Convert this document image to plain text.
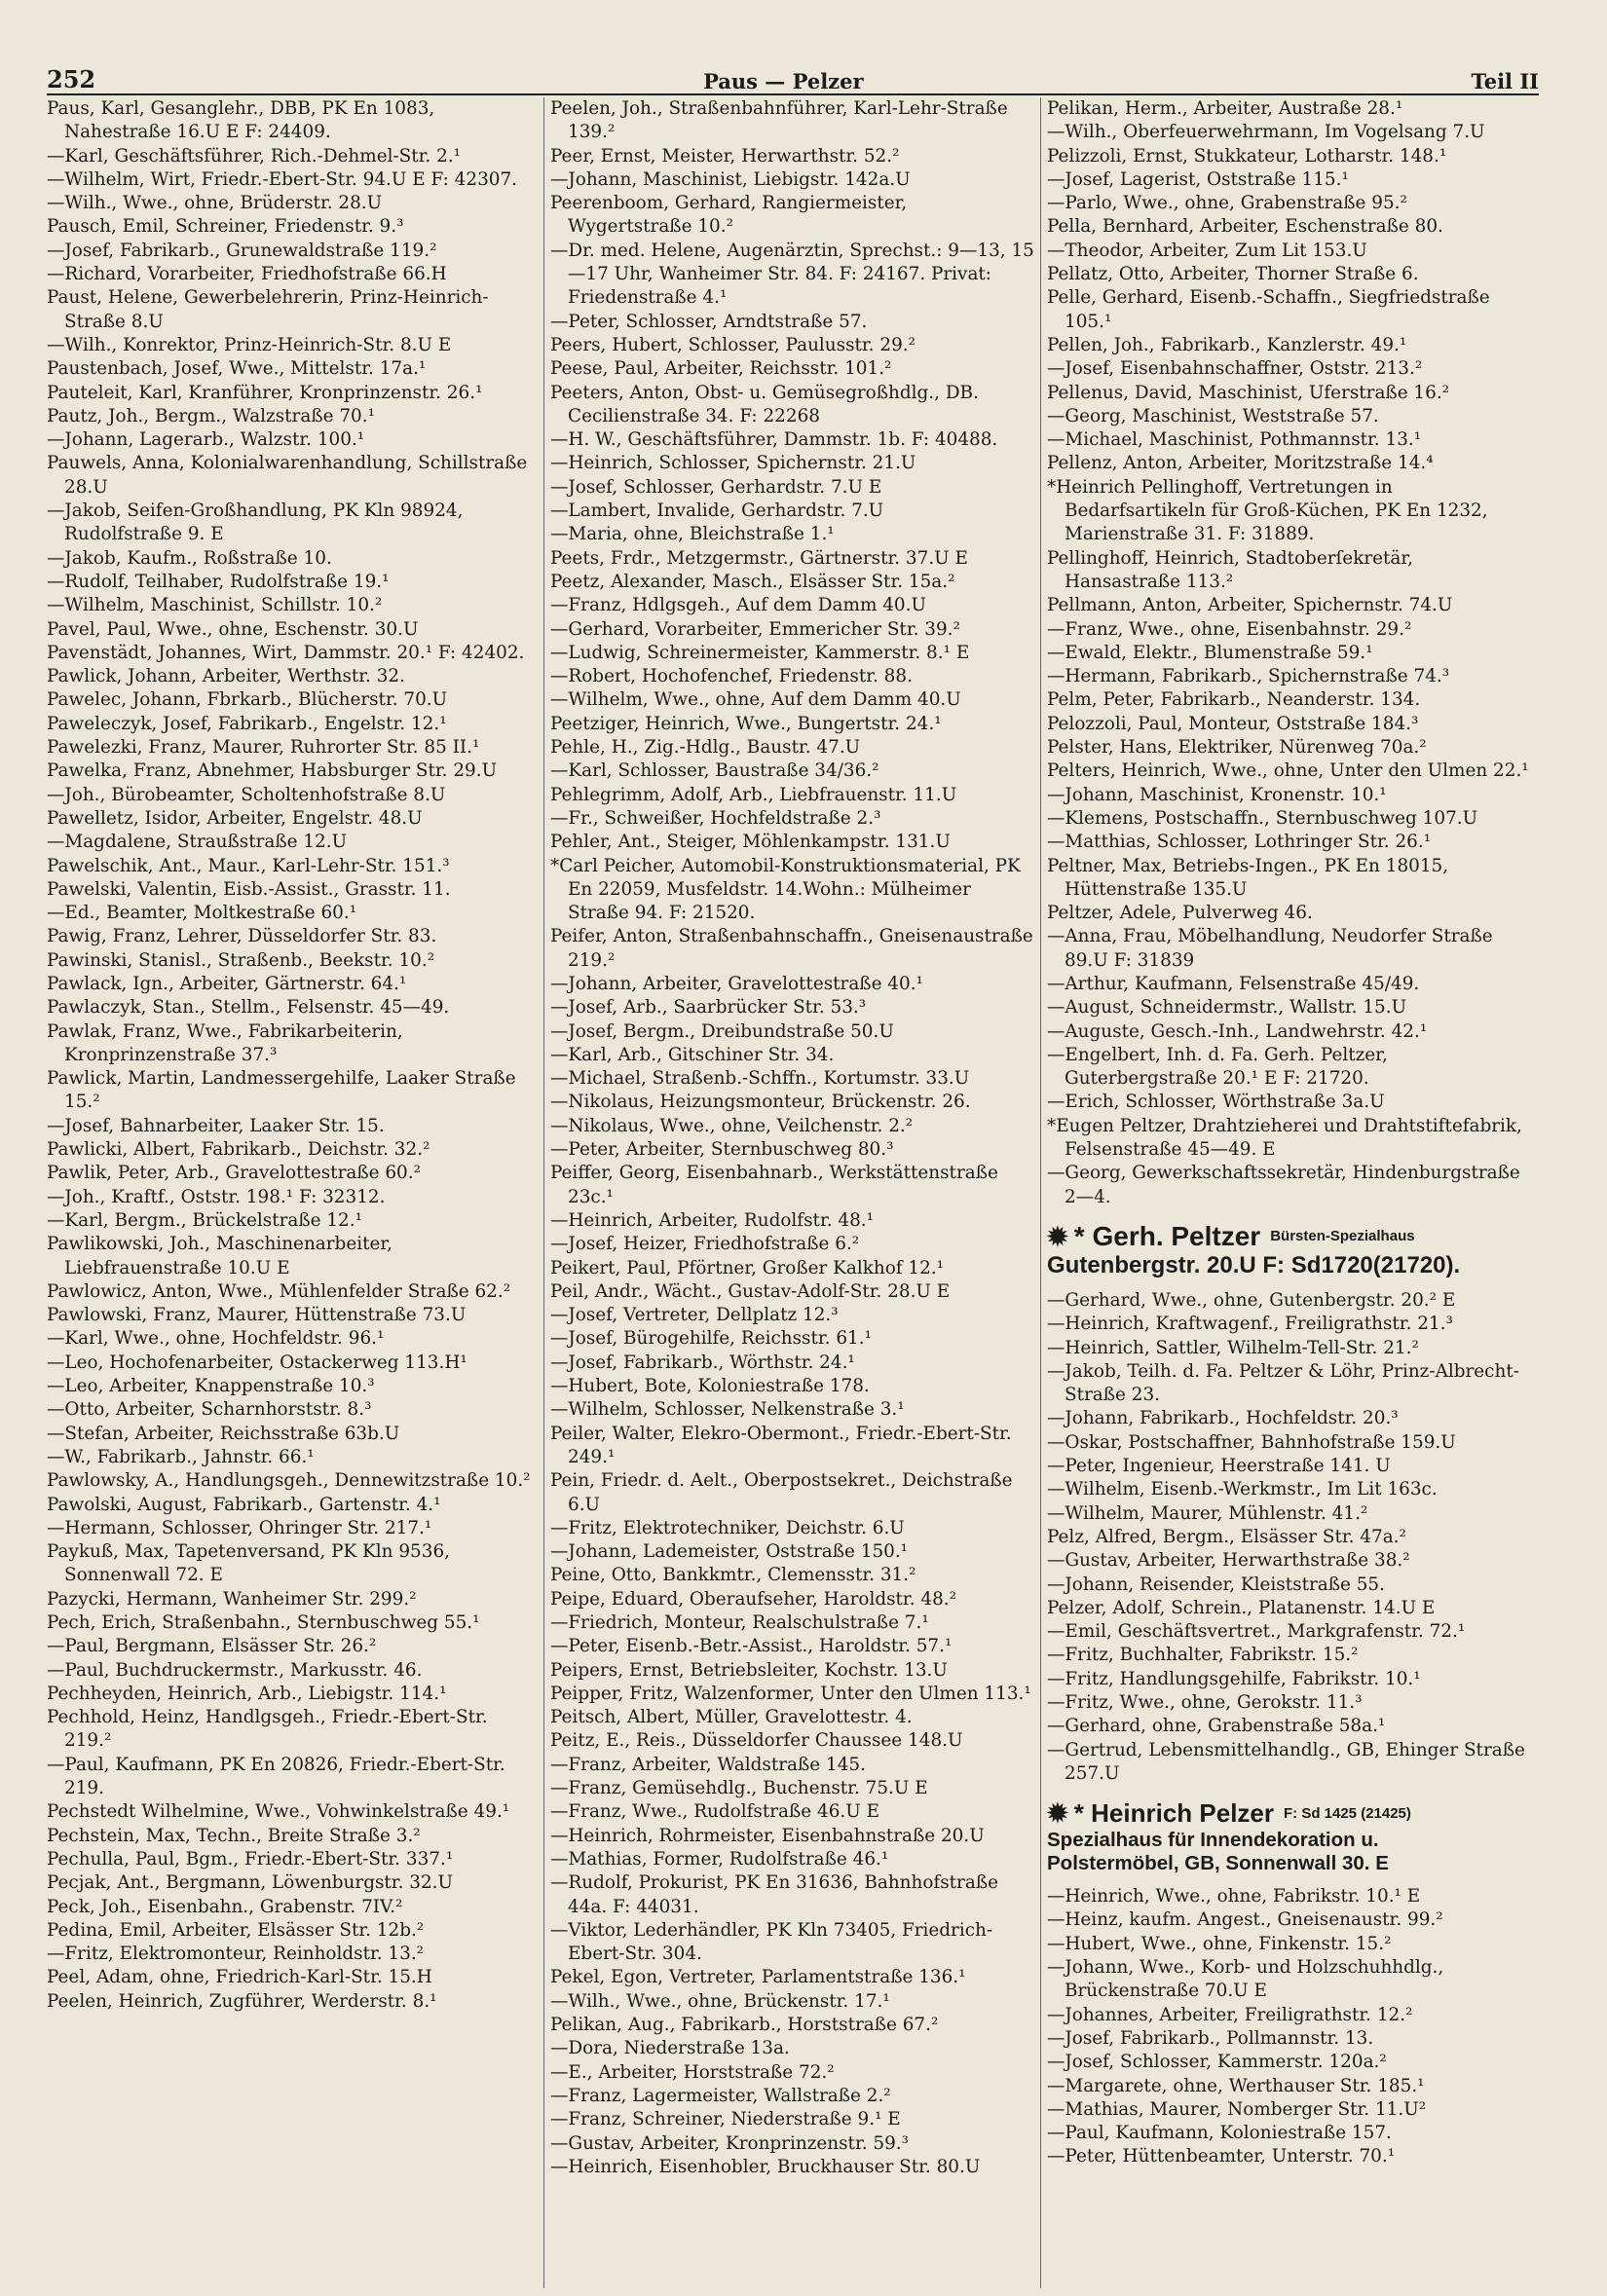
252	Paus — Pelzer	Teil II
Paus, Karl, Gesanglehr., DBB, PK En 1083, Nahestraße 16.U E F: 24409.
—Karl, Geschäftsführer, Rich.-Dehmel-Str. 2.¹
—Wilhelm, Wirt, Friedr.-Ebert-Str. 94.U E F: 42307.
—Wilh., Wwe., ohne, Brüderstr. 28.U
Pausch, Emil, Schreiner, Friedenstr. 9.³
—Josef, Fabrikarb., Grunewaldstraße 119.²
—Richard, Vorarbeiter, Friedhofstraße 66.H
Paust, Helene, Gewerbelehrerin, Prinz-Heinrich-Straße 8.U
—Wilh., Konrektor, Prinz-Heinrich-Str. 8.U E
Paustenbach, Josef, Wwe., Mittelstr. 17a.¹
Pauteleit, Karl, Kranführer, Kronprinzenstr. 26.¹
Pautz, Joh., Bergm., Walzstraße 70.¹
—Johann, Lagerarb., Walzstr. 100.¹
Pauwels, Anna, Kolonialwarenhandlung, Schillstraße 28.U
—Jakob, Seifen-Großhandlung, PK Kln 98924, Rudolfstraße 9. E
—Jakob, Kaufm., Roßstraße 10.
—Rudolf, Teilhaber, Rudolfstraße 19.¹
—Wilhelm, Maschinist, Schillstr. 10.²
Pavel, Paul, Wwe., ohne, Eschenstr. 30.U
Pavenstädt, Johannes, Wirt, Dammstr. 20.¹ F: 42402.
Pawlick, Johann, Arbeiter, Werthstr. 32.
Pawelec, Johann, Fbrkarb., Blücherstr. 70.U
Paweleczyk, Josef, Fabrikarb., Engelstr. 12.¹
Pawelezki, Franz, Maurer, Ruhrorter Str. 85 II.¹
Pawelka, Franz, Abnehmer, Habsburger Str. 29.U
—Joh., Bürobeamter, Scholtenhofstraße 8.U
Pawelletz, Isidor, Arbeiter, Engelstr. 48.U
—Magdalene, Straußstraße 12.U
Pawelschik, Ant., Maur., Karl-Lehr-Str. 151.³
Pawelski, Valentin, Eisb.-Assist., Grasstr. 11.
—Ed., Beamter, Moltkestraße 60.¹
Pawig, Franz, Lehrer, Düsseldorfer Str. 83.
Pawinski, Stanisl., Straßenb., Beekstr. 10.²
Pawlack, Ign., Arbeiter, Gärtnerstr. 64.¹
Pawlaczyk, Stan., Stellm., Felsenstr. 45—49.
Pawlak, Franz, Wwe., Fabrikarbeiterin, Kronprinzenstraße 37.³
Pawlick, Martin, Landmessergehilfe, Laaker Straße 15.²
—Josef, Bahnarbeiter, Laaker Str. 15.
Pawlicki, Albert, Fabrikarb., Deichstr. 32.²
Pawlik, Peter, Arb., Gravelottestraße 60.²
—Joh., Kraftf., Oststr. 198.¹ F: 32312.
—Karl, Bergm., Brückelstraße 12.¹
Pawlikowski, Joh., Maschinenarbeiter, Liebfrauenstraße 10.U E
Pawlowicz, Anton, Wwe., Mühlenfelder Straße 62.²
Pawlowski, Franz, Maurer, Hüttenstraße 73.U
—Karl, Wwe., ohne, Hochfeldstr. 96.¹
—Leo, Hochofenarbeiter, Ostackerweg 113.H¹
—Leo, Arbeiter, Knappenstraße 10.³
—Otto, Arbeiter, Scharnhorststr. 8.³
—Stefan, Arbeiter, Reichsstraße 63b.U
—W., Fabrikarb., Jahnstr. 66.¹
Pawlowsky, A., Handlungsgeh., Dennewitzstraße 10.²
Pawolski, August, Fabrikarb., Gartenstr. 4.¹
—Hermann, Schlosser, Ohringer Str. 217.¹
Paykuß, Max, Tapetenversand, PK Kln 9536, Sonnenwall 72. E
Pazycki, Hermann, Wanheimer Str. 299.²
Pech, Erich, Straßenbahn., Sternbuschweg 55.¹
—Paul, Bergmann, Elsässer Str. 26.²
—Paul, Buchdruckermstr., Markusstr. 46.
Pechheyden, Heinrich, Arb., Liebigstr. 114.¹
Pechhold, Heinz, Handlgsgeh., Friedr.-Ebert-Str. 219.²
—Paul, Kaufmann, PK En 20826, Friedr.-Ebert-Str. 219.
Pechstedt Wilhelmine, Wwe., Vohwinkelstraße 49.¹
Pechstein, Max, Techn., Breite Straße 3.²
Pechulla, Paul, Bgm., Friedr.-Ebert-Str. 337.¹
Pecjak, Ant., Bergmann, Löwenburgstr. 32.U
Peck, Joh., Eisenbahn., Grabenstr. 7IV.²
Pedina, Emil, Arbeiter, Elsässer Str. 12b.²
—Fritz, Elektromonteur, Reinholdstr. 13.²
Peel, Adam, ohne, Friedrich-Karl-Str. 15.H
Peelen, Heinrich, Zugführer, Werderstr. 8.¹
Peelen, Joh., Straßenbahnführer, Karl-Lehr-Straße 139.²
Peer, Ernst, Meister, Herwarthstr. 52.²
—Johann, Maschinist, Liebigstr. 142a.U
Peerenboom, Gerhard, Rangiermeister, Wygertstraße 10.²
—Dr. med. Helene, Augenärztin, Sprechst.: 9—13, 15—17 Uhr, Wanheimer Str. 84. F: 24167. Privat: Friedenstraße 4.¹
—Peter, Schlosser, Arndtstraße 57.
Peers, Hubert, Schlosser, Paulusstr. 29.²
Peese, Paul, Arbeiter, Reichsstr. 101.²
Peeters, Anton, Obst- u. Gemüsegroßhdlg., DB. Cecilienstraße 34. F: 22268
—H. W., Geschäftsführer, Dammstr. 1b. F: 40488.
—Heinrich, Schlosser, Spichernstr. 21.U
—Josef, Schlosser, Gerhardstr. 7.U E
—Lambert, Invalide, Gerhardstr. 7.U
—Maria, ohne, Bleichstraße 1.¹
Peets, Frdr., Metzgermstr., Gärtnerstr. 37.U E
Peetz, Alexander, Masch., Elsässer Str. 15a.²
—Franz, Hdlgsgeh., Auf dem Damm 40.U
—Gerhard, Vorarbeiter, Emmericher Str. 39.²
—Ludwig, Schreinermeister, Kammerstr. 8.¹ E
—Robert, Hochofenchef, Friedenstr. 88.
—Wilhelm, Wwe., ohne, Auf dem Damm 40.U
Peetziger, Heinrich, Wwe., Bungertstr. 24.¹
Pehle, H., Zig.-Hdlg., Baustr. 47.U
—Karl, Schlosser, Baustraße 34/36.²
Pehlegrimm, Adolf, Arb., Liebfrauenstr. 11.U
—Fr., Schweißer, Hochfeldstraße 2.³
Pehler, Ant., Steiger, Möhlenkampstr. 131.U
*Carl Peicher, Automobil-Konstruktionsmaterial, PK En 22059, Musfeldstr. 14.Wohn.: Mülheimer Straße 94. F: 21520.
Peifer, Anton, Straßenbahnschaffn., Gneisenaustraße 219.²
—Johann, Arbeiter, Gravelottestraße 40.¹
—Josef, Arb., Saarbrücker Str. 53.³
—Josef, Bergm., Dreibundstraße 50.U
—Karl, Arb., Gitschiner Str. 34.
—Michael, Straßenb.-Schffn., Kortumstr. 33.U
—Nikolaus, Heizungsmonteur, Brückenstr. 26.
—Nikolaus, Wwe., ohne, Veilchenstr. 2.²
—Peter, Arbeiter, Sternbuschweg 80.³
Peiffer, Georg, Eisenbahnarb., Werkstättenstraße 23c.¹
—Heinrich, Arbeiter, Rudolfstr. 48.¹
—Josef, Heizer, Friedhofstraße 6.²
Peikert, Paul, Pförtner, Großer Kalkhof 12.¹
Peil, Andr., Wächt., Gustav-Adolf-Str. 28.U E
—Josef, Vertreter, Dellplatz 12.³
—Josef, Bürogehilfe, Reichsstr. 61.¹
—Josef, Fabrikarb., Wörthstr. 24.¹
—Hubert, Bote, Koloniestraße 178.
—Wilhelm, Schlosser, Nelkenstraße 3.¹
Peiler, Walter, Elekro-Obermont., Friedr.-Ebert-Str. 249.¹
Pein, Friedr. d. Aelt., Oberpostsekret., Deichstraße 6.U
—Fritz, Elektrotechniker, Deichstr. 6.U
—Johann, Lademeister, Oststraße 150.¹
Peine, Otto, Bankkmtr., Clemensstr. 31.²
Peipe, Eduard, Oberaufseher, Haroldstr. 48.²
—Friedrich, Monteur, Realschulstraße 7.¹
—Peter, Eisenb.-Betr.-Assist., Haroldstr. 57.¹
Peipers, Ernst, Betriebsleiter, Kochstr. 13.U
Peipper, Fritz, Walzenformer, Unter den Ulmen 113.¹
Peitsch, Albert, Müller, Gravelottestr. 4.
Peitz, E., Reis., Düsseldorfer Chaussee 148.U
—Franz, Arbeiter, Waldstraße 145.
—Franz, Gemüsehdlg., Buchenstr. 75.U E
—Franz, Wwe., Rudolfstraße 46.U E
—Heinrich, Rohrmeister, Eisenbahnstraße 20.U
—Mathias, Former, Rudolfstraße 46.¹
—Rudolf, Prokurist, PK En 31636, Bahnhofstraße 44a. F: 44031.
—Viktor, Lederhändler, PK Kln 73405, Friedrich-Ebert-Str. 304.
Pekel, Egon, Vertreter, Parlamentstraße 136.¹
—Wilh., Wwe., ohne, Brückenstr. 17.¹
Pelikan, Aug., Fabrikarb., Horststraße 67.²
—Dora, Niederstraße 13a.
—E., Arbeiter, Horststraße 72.²
—Franz, Lagermeister, Wallstraße 2.²
—Franz, Schreiner, Niederstraße 9.¹ E
—Gustav, Arbeiter, Kronprinzenstr. 59.³
—Heinrich, Eisenhobler, Bruckhauser Str. 80.U
Pelikan, Herm., Arbeiter, Austraße 28.¹
—Wilh., Oberfeuerwehrmann, Im Vogelsang 7.U
Pelizzoli, Ernst, Stukkateur, Lotharstr. 148.¹
—Josef, Lagerist, Oststraße 115.¹
—Parlo, Wwe., ohne, Grabenstraße 95.²
Pella, Bernhard, Arbeiter, Eschenstraße 80.
—Theodor, Arbeiter, Zum Lit 153.U
Pellatz, Otto, Arbeiter, Thorner Straße 6.
Pelle, Gerhard, Eisenb.-Schaffn., Siegfriedstraße 105.¹
Pellen, Joh., Fabrikarb., Kanzlerstr. 49.¹
—Josef, Eisenbahnschaffner, Oststr. 213.²
Pellenus, David, Maschinist, Uferstraße 16.²
—Georg, Maschinist, Weststraße 57.
—Michael, Maschinist, Pothmannstr. 13.¹
Pellenz, Anton, Arbeiter, Moritzstraße 14.⁴
*Heinrich Pellinghoff, Vertretungen in Bedarfsartikeln für Groß-Küchen, PK En 1232, Marienstraße 31. F: 31889.
Pellinghoff, Heinrich, Stadtoberſekretär, Hansastraße 113.²
Pellmann, Anton, Arbeiter, Spichernstr. 74.U
—Franz, Wwe., ohne, Eisenbahnstr. 29.²
—Ewald, Elektr., Blumenstraße 59.¹
—Hermann, Fabrikarb., Spichernstraße 74.³
Pelm, Peter, Fabrikarb., Neanderstr. 134.
Pelozzoli, Paul, Monteur, Oststraße 184.³
Pelster, Hans, Elektriker, Nürenweg 70a.²
Pelters, Heinrich, Wwe., ohne, Unter den Ulmen 22.¹
—Johann, Maschinist, Kronenstr. 10.¹
—Klemens, Postschaffn., Sternbuschweg 107.U
—Matthias, Schlosser, Lothringer Str. 26.¹
Peltner, Max, Betriebs-Ingen., PK En 18015, Hüttenstraße 135.U
Peltzer, Adele, Pulverweg 46.
—Anna, Frau, Möbelhandlung, Neudorfer Straße 89.U F: 31839
—Arthur, Kaufmann, Felsenstraße 45/49.
—August, Schneidermstr., Wallstr. 15.U
—Auguste, Gesch.-Inh., Landwehrstr. 42.¹
—Engelbert, Inh. d. Fa. Gerh. Peltzer, Guterbergstraße 20.¹ E F: 21720.
—Erich, Schlosser, Wörthstraße 3a.U
*Eugen Peltzer, Drahtzieherei und Drahtstiftefabrik, Felsenstraße 45—49. E
—Georg, Gewerkschaftssekretär, Hindenburgstraße 2—4.
✹ * Gerh. Peltzer Bürsten-Spezialhaus
Gutenbergstr. 20.U F: Sd1720(21720).
—Gerhard, Wwe., ohne, Gutenbergstr. 20.² E
—Heinrich, Kraftwagenf., Freiligrathstr. 21.³
—Heinrich, Sattler, Wilhelm-Tell-Str. 21.²
—Jakob, Teilh. d. Fa. Peltzer & Löhr, Prinz-Albrecht-Straße 23.
—Johann, Fabrikarb., Hochfeldstr. 20.³
—Oskar, Postschaffner, Bahnhofstraße 159.U
—Peter, Ingenieur, Heerstraße 141. U
—Wilhelm, Eisenb.-Werkmstr., Im Lit 163c.
—Wilhelm, Maurer, Mühlenstr. 41.²
Pelz, Alfred, Bergm., Elsässer Str. 47a.²
—Gustav, Arbeiter, Herwarthstraße 38.²
—Johann, Reisender, Kleiststraße 55.
Pelzer, Adolf, Schrein., Platanenstr. 14.U E
—Emil, Geschäftsvertret., Markgrafenstr. 72.¹
—Fritz, Buchhalter, Fabrikstr. 15.²
—Fritz, Handlungsgehilfe, Fabrikstr. 10.¹
—Fritz, Wwe., ohne, Gerokstr. 11.³
—Gerhard, ohne, Grabenstraße 58a.¹
—Gertrud, Lebensmittelhandlg., GB, Ehinger Straße 257.U
✹ * Heinrich Pelzer F: Sd 1425 (21425)
Spezialhaus für Innendekoration u.
Polstermöbel, GB, Sonnenwall 30. E
—Heinrich, Wwe., ohne, Fabrikstr. 10.¹ E
—Heinz, kaufm. Angest., Gneisenaustr. 99.²
—Hubert, Wwe., ohne, Finkenstr. 15.²
—Johann, Wwe., Korb- und Holzschuhhdlg., Brückenstraße 70.U E
—Johannes, Arbeiter, Freiligrathstr. 12.²
—Josef, Fabrikarb., Pollmannstr. 13.
—Josef, Schlosser, Kammerstr. 120a.²
—Margarete, ohne, Werthauser Str. 185.¹
—Mathias, Maurer, Nomberger Str. 11.U²
—Paul, Kaufmann, Koloniestraße 157.
—Peter, Hüttenbeamter, Unterstr. 70.¹
